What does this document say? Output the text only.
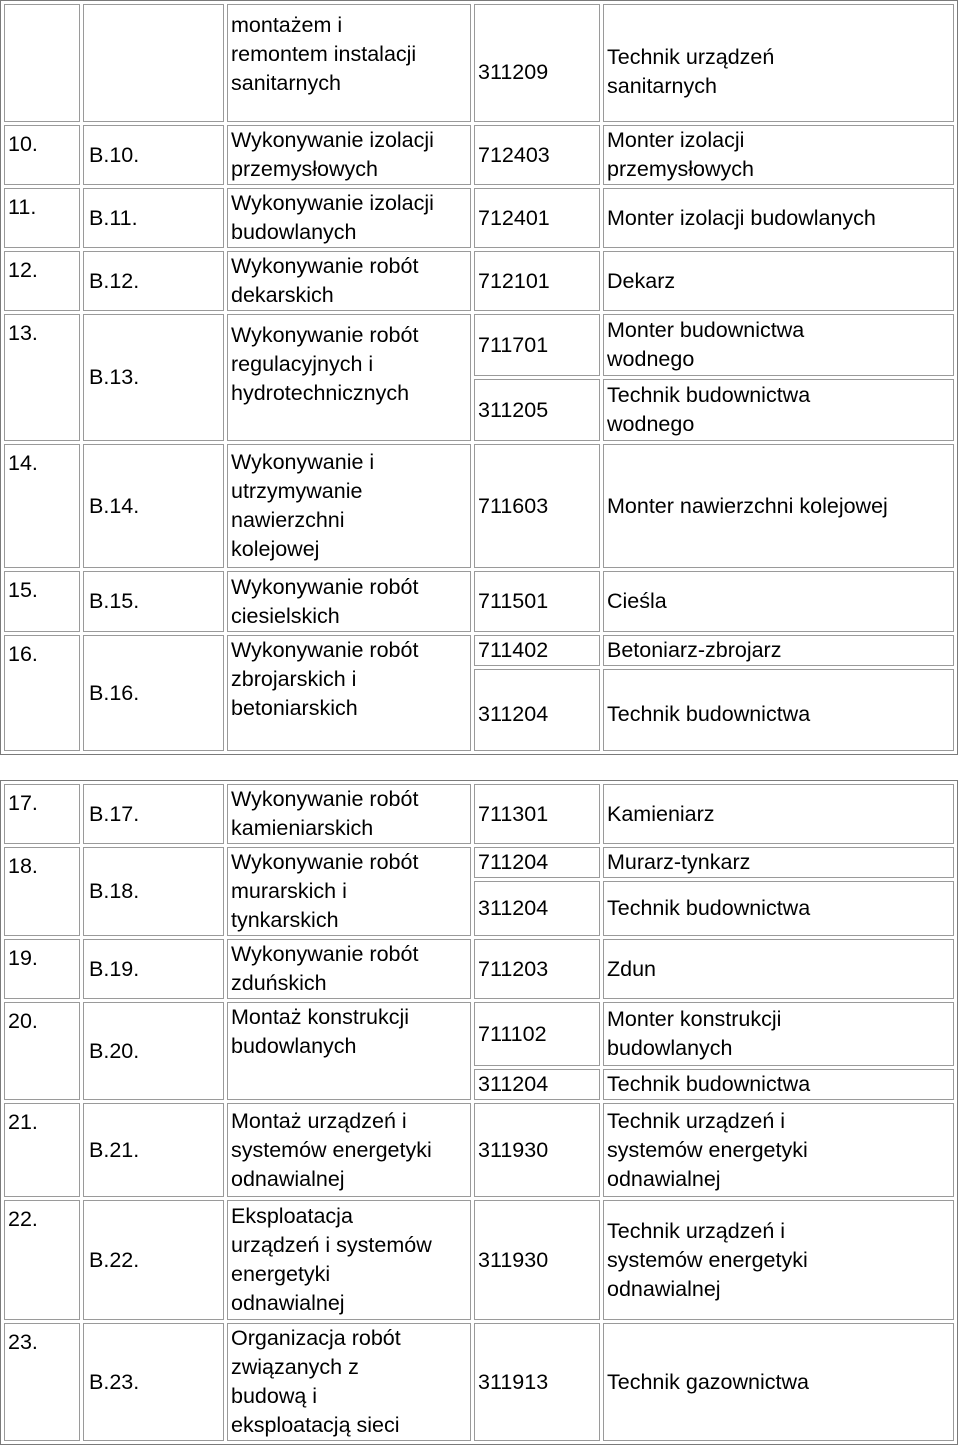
		montażem i
remontem instalacji
sanitarnych	311209	Technik urządzeń
sanitarnych

10.	B.10.	Wykonywanie izolacji
przemysłowych	712403	Monter izolacji
przemysłowych

11.	B.11.	Wykonywanie izolacji
budowlanych	712401	Monter izolacji budowlanych

12.	B.12.	Wykonywanie robót
dekarskich	712101	Dekarz

13.	B.13.	Wykonywanie robót
regulacyjnych i
hydrotechnicznych	711701	Monter budownictwa
wodnego

			311205	Technik budownictwa
wodnego

14.	B.14.	Wykonywanie i
utrzymywanie
nawierzchni
kolejowej	711603	Monter nawierzchni kolejowej

15.	B.15.	Wykonywanie robót
ciesielskich	711501	Cieśla

16.	B.16.	Wykonywanie robót
zbrojarskich i
betoniarskich	711402	Betoniarz-zbrojarz

			311204	Technik budownictwa
17.	B.17.	Wykonywanie robót
kamieniarskich	711301	Kamieniarz

18.	B.18.	Wykonywanie robót
murarskich i
tynkarskich	711204	Murarz-tynkarz

			311204	Technik budownictwa

19.	B.19.	Wykonywanie robót
zduńskich	711203	Zdun

20.	B.20.	Montaż konstrukcji
budowlanych	711102	Monter konstrukcji
budowlanych

			311204	Technik budownictwa

21.	B.21.	Montaż urządzeń i
systemów energetyki
odnawialnej	311930	Technik urządzeń i
systemów energetyki
odnawialnej

22.	B.22.	Eksploatacja
urządzeń i systemów
energetyki
odnawialnej	311930	Technik urządzeń i
systemów energetyki
odnawialnej

23.	B.23.	Organizacja robót
związanych z
budową i
eksploatacją sieci	311913	Technik gazownictwa
